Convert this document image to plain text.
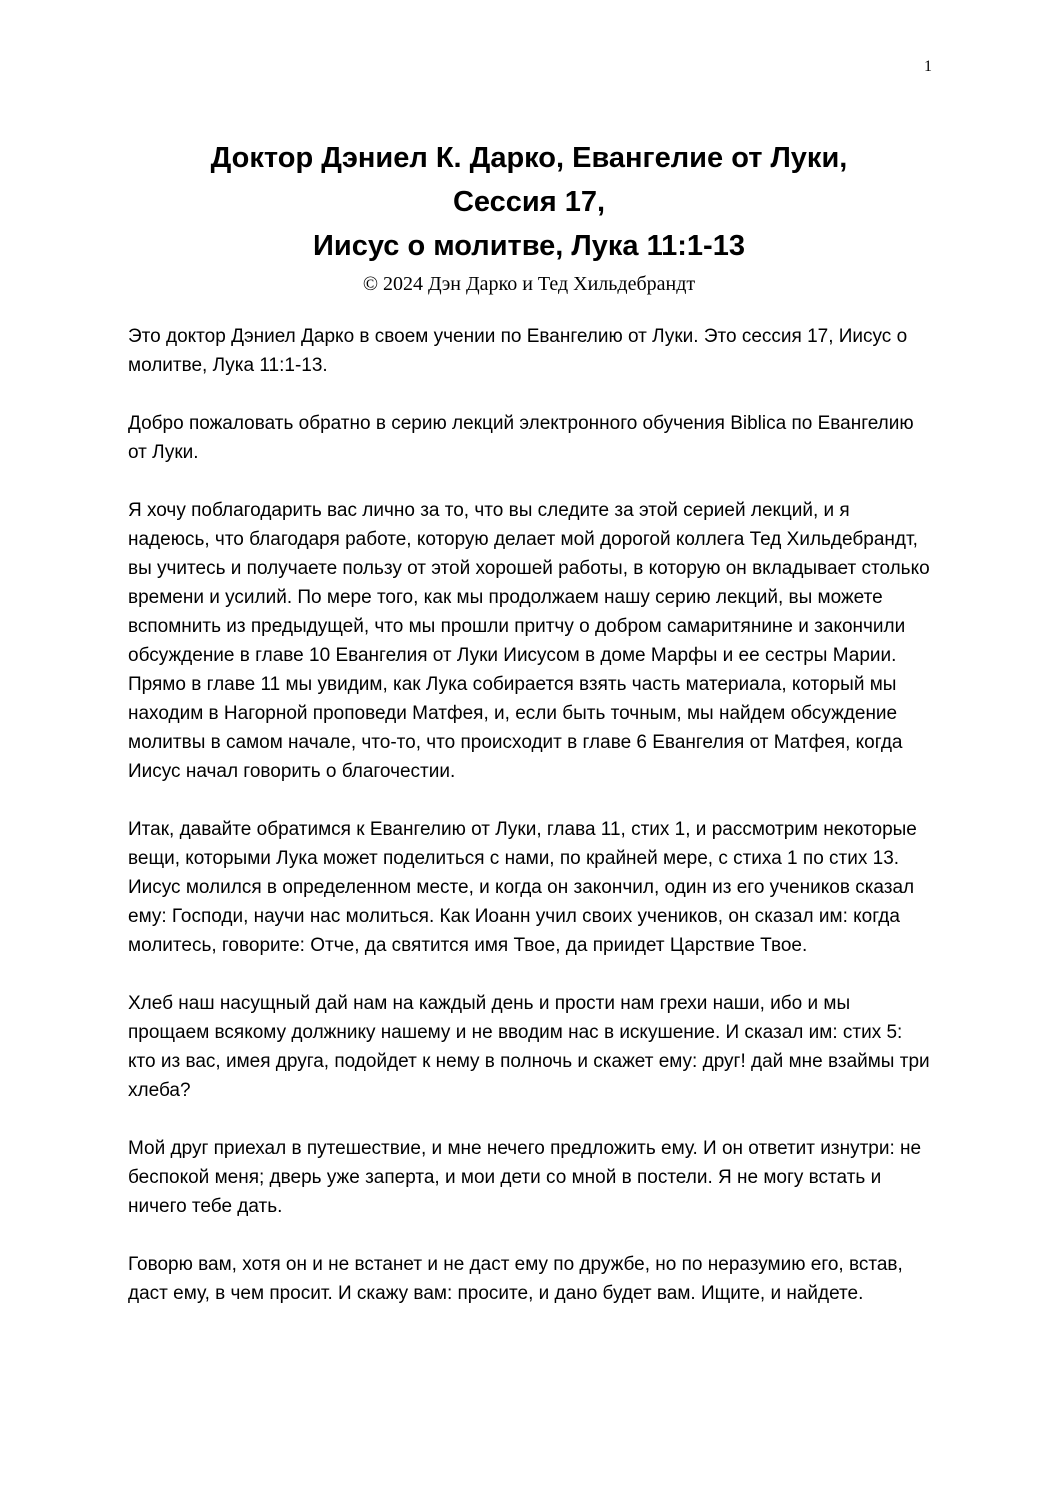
1
Доктор Дэниел К. Дарко, Евангелие от Луки,
Сессия 17,
Иисус о молитве, Лука 11:1-13
© 2024 Дэн Дарко и Тед Хильдебрандт

Это доктор Дэниел Дарко в своем учении по Евангелию от Луки. Это сессия 17, Иисус о молитве, Лука 11:1-13.

Добро пожаловать обратно в серию лекций электронного обучения Biblica по Евангелию от Луки.

Я хочу поблагодарить вас лично за то, что вы следите за этой серией лекций, и я надеюсь, что благодаря работе, которую делает мой дорогой коллега Тед Хильдебрандт, вы учитесь и получаете пользу от этой хорошей работы, в которую он вкладывает столько времени и усилий. По мере того, как мы продолжаем нашу серию лекций, вы можете вспомнить из предыдущей, что мы прошли притчу о добром самаритянине и закончили обсуждение в главе 10 Евангелия от Луки Иисусом в доме Марфы и ее сестры Марии. Прямо в главе 11 мы увидим, как Лука собирается взять часть материала, который мы находим в Нагорной проповеди Матфея, и, если быть точным, мы найдем обсуждение молитвы в самом начале, что-то, что происходит в главе 6 Евангелия от Матфея, когда Иисус начал говорить о благочестии.

Итак, давайте обратимся к Евангелию от Луки, глава 11, стих 1, и рассмотрим некоторые вещи, которыми Лука может поделиться с нами, по крайней мере, с стиха 1 по стих 13. Иисус молился в определенном месте, и когда он закончил, один из его учеников сказал ему: Господи, научи нас молиться. Как Иоанн учил своих учеников, он сказал им: когда молитесь, говорите: Отче, да святится имя Твое, да приидет Царствие Твое.

Хлеб наш насущный дай нам на каждый день и прости нам грехи наши, ибо и мы прощаем всякому должнику нашему и не вводим нас в искушение. И сказал им: стих 5: кто из вас, имея друга, подойдет к нему в полночь и скажет ему: друг! дай мне взаймы три хлеба?

Мой друг приехал в путешествие, и мне нечего предложить ему. И он ответит изнутри: не беспокой меня; дверь уже заперта, и мои дети со мной в постели. Я не могу встать и ничего тебе дать.

Говорю вам, хотя он и не встанет и не даст ему по дружбе, но по неразумию его, встав, даст ему, в чем просит. И скажу вам: просите, и дано будет вам. Ищите, и найдете.
